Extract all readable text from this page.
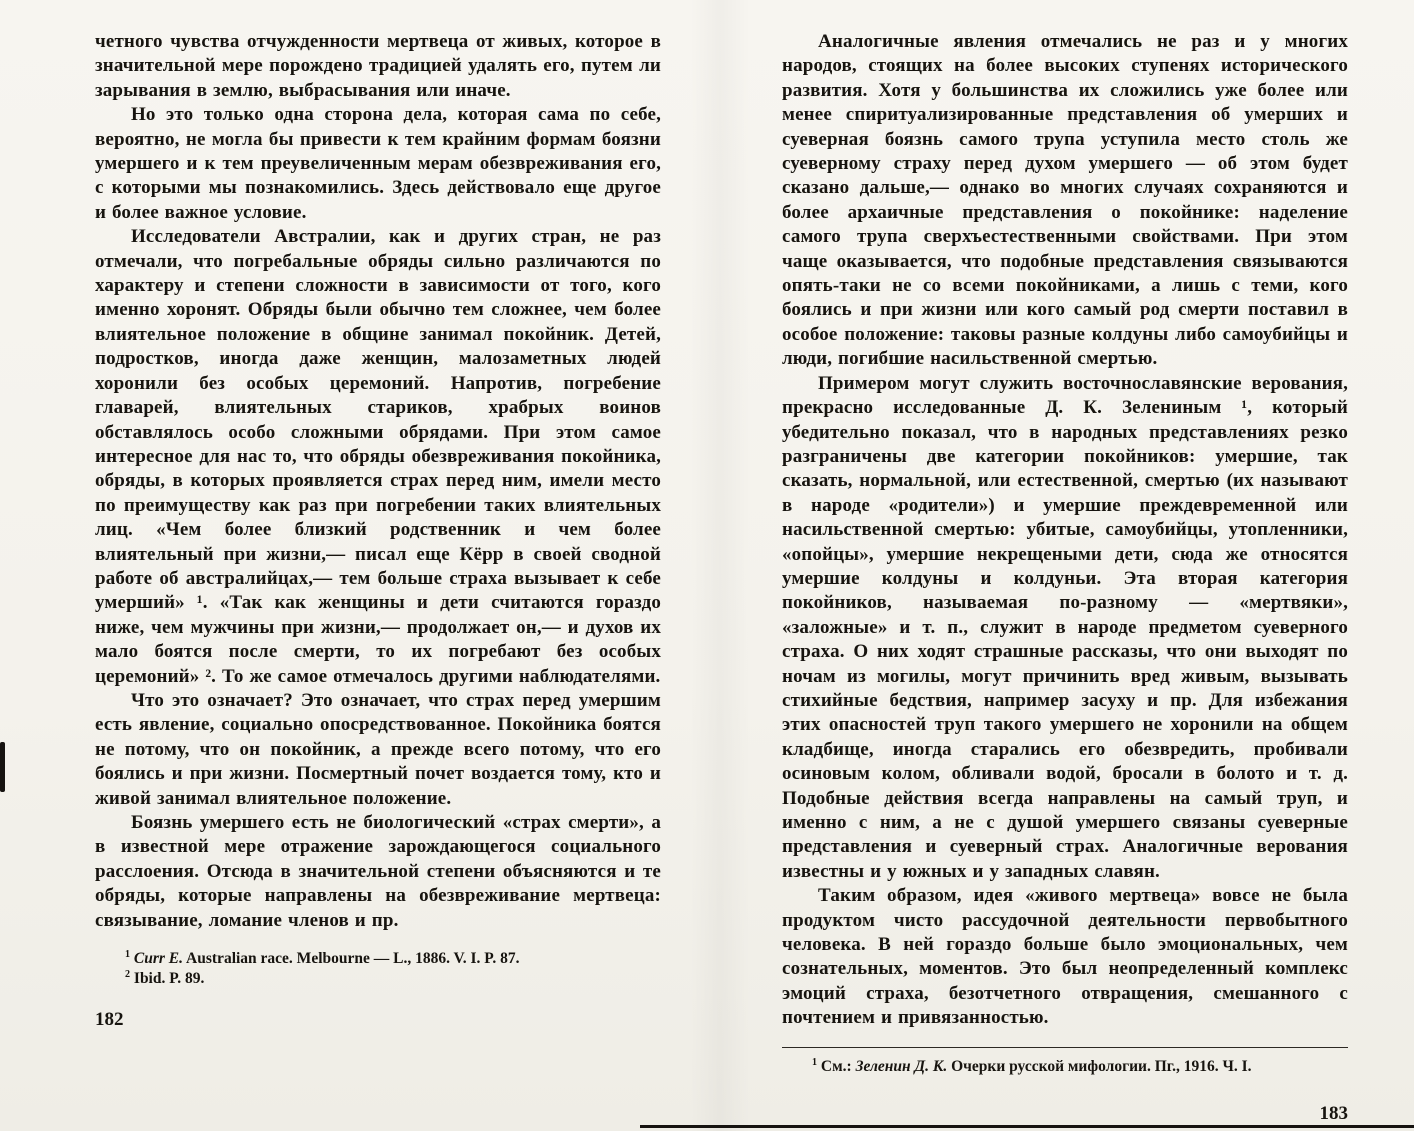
четного чувства отчужденности мертвеца от живых, которое в значительной мере порождено традицией удалять его, путем ли зарывания в землю, выбрасывания или иначе.

Но это только одна сторона дела, которая сама по себе, вероятно, не могла бы привести к тем крайним формам боязни умершего и к тем преувеличенным мерам обезвреживания его, с которыми мы познакомились. Здесь действовало еще другое и более важное условие.

Исследователи Австралии, как и других стран, не раз отмечали, что погребальные обряды сильно различаются по характеру и степени сложности в зависимости от того, кого именно хоронят. Обряды были обычно тем сложнее, чем более влиятельное положение в общине занимал покойник. Детей, подростков, иногда даже женщин, малозаметных людей хоронили без особых церемоний. Напротив, погребение главарей, влиятельных стариков, храбрых воинов обставлялось особо сложными обрядами. При этом самое интересное для нас то, что обряды обезвреживания покойника, обряды, в которых проявляется страх перед ним, имели место по преимуществу как раз при погребении таких влиятельных лиц. «Чем более близкий родственник и чем более влиятельный при жизни,— писал еще Кёрр в своей сводной работе об австралийцах,— тем больше страха вызывает к себе умерший» ¹. «Так как женщины и дети считаются гораздо ниже, чем мужчины при жизни,— продолжает он,— и духов их мало боятся после смерти, то их погребают без особых церемоний» ². То же самое отмечалось другими наблюдателями.

Что это означает? Это означает, что страх перед умершим есть явление, социально опосредствованное. Покойника боятся не потому, что он покойник, а прежде всего потому, что его боялись и при жизни. Посмертный почет воздается тому, кто и живой занимал влиятельное положение.

Боязнь умершего есть не биологический «страх смерти», а в известной мере отражение зарождающегося социального расслоения. Отсюда в значительной степени объясняются и те обряды, которые направлены на обезвреживание мертвеца: связывание, ломание членов и пр.

$^1$ Curr E. Australian race. Melbourne — L., 1886. V. I. P. 87.

$^2$ Ibid. P. 89.

182

Аналогичные явления отмечались не раз и у многих народов, стоящих на более высоких ступенях исторического развития. Хотя у большинства их сложились уже более или менее спиритуализированные представления об умерших и суеверная боязнь самого трупа уступила место столь же суеверному страху перед духом умершего — об этом будет сказано дальше,— однако во многих случаях сохраняются и более архаичные представления о покойнике: наделение самого трупа сверхъестественными свойствами. При этом чаще оказывается, что подобные представления связываются опять-таки не со всеми покойниками, а лишь с теми, кого боялись и при жизни или кого самый род смерти поставил в особое положение: таковы разные колдуны либо самоубийцы и люди, погибшие насильственной смертью.

Примером могут служить восточнославянские верования, прекрасно исследованные Д. К. Зелениным ¹, который убедительно показал, что в народных представлениях резко разграничены две категории покойников: умершие, так сказать, нормальной, или естественной, смертью (их называют в народе «родители») и умершие преждевременной или насильственной смертью: убитые, самоубийцы, утопленники, «опойцы», умершие некрещеными дети, сюда же относятся умершие колдуны и колдуньи. Эта вторая категория покойников, называемая по-разному — «мертвяки», «заложные» и т. п., служит в народе предметом суеверного страха. О них ходят страшные рассказы, что они выходят по ночам из могилы, могут причинить вред живым, вызывать стихийные бедствия, например засуху и пр. Для избежания этих опасностей труп такого умершего не хоронили на общем кладбище, иногда старались его обезвредить, пробивали осиновым колом, обливали водой, бросали в болото и т. д. Подобные действия всегда направлены на самый труп, и именно с ним, а не с душой умершего связаны суеверные представления и суеверный страх. Аналогичные верования известны и у южных и у западных славян.

Таким образом, идея «живого мертвеца» вовсе не была продуктом чисто рассудочной деятельности первобытного человека. В ней гораздо больше было эмоциональных, чем сознательных, моментов. Это был неопределенный комплекс эмоций страха, безотчетного отвращения, смешанного с почтением и привязанностью.

$^1$ См.: Зеленин Д. К. Очерки русской мифологии. Пг., 1916. Ч. I.

183
